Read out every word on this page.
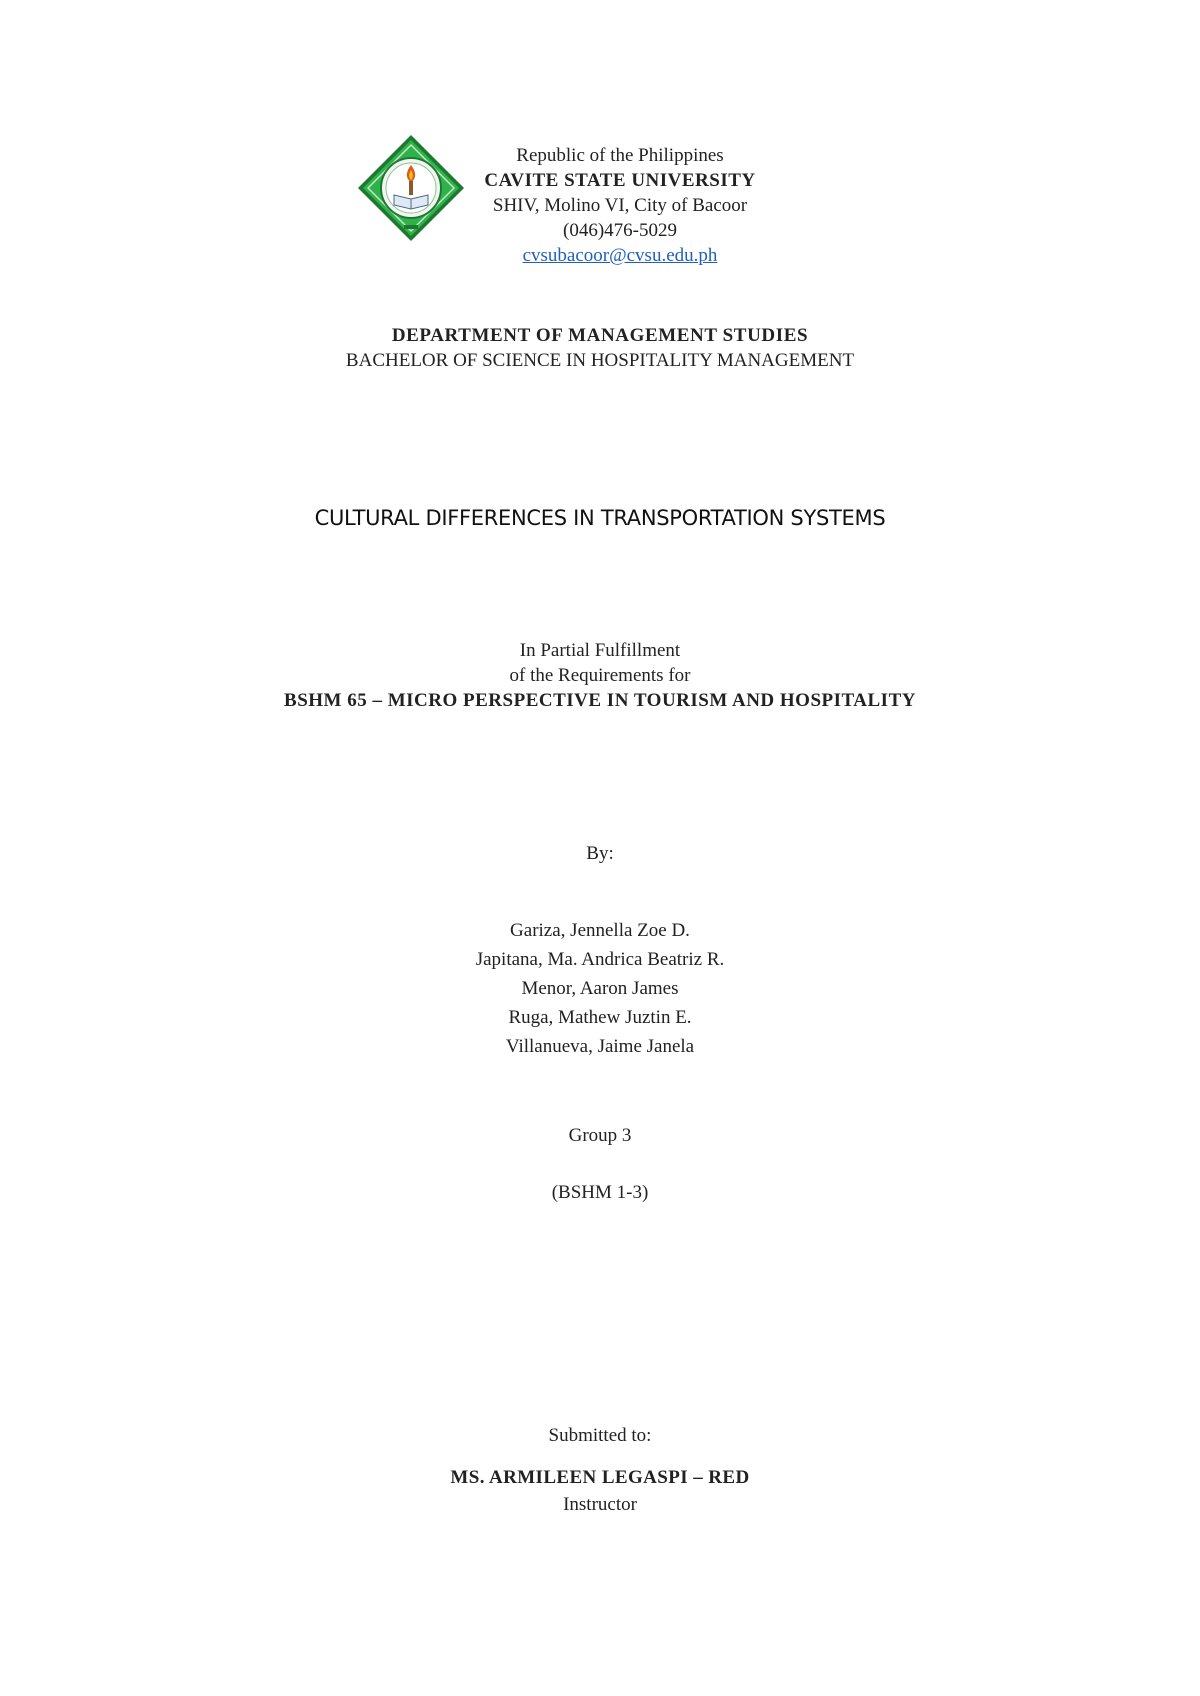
Republic of the Philippines
CAVITE STATE UNIVERSITY
SHIV, Molino VI, City of Bacoor
(046)476-5029
cvsubacoor@cvsu.edu.ph
DEPARTMENT OF MANAGEMENT STUDIES
BACHELOR OF SCIENCE IN HOSPITALITY MANAGEMENT
CULTURAL DIFFERENCES IN TRANSPORTATION SYSTEMS
In Partial Fulfillment
of the Requirements for
BSHM 65 – MICRO PERSPECTIVE IN TOURISM AND HOSPITALITY
By:
Gariza, Jennella Zoe D.
Japitana, Ma. Andrica Beatriz R.
Menor, Aaron James
Ruga, Mathew Juztin E.
Villanueva, Jaime Janela
Group 3
(BSHM 1-3)
Submitted to:
MS. ARMILEEN LEGASPI – RED
Instructor
